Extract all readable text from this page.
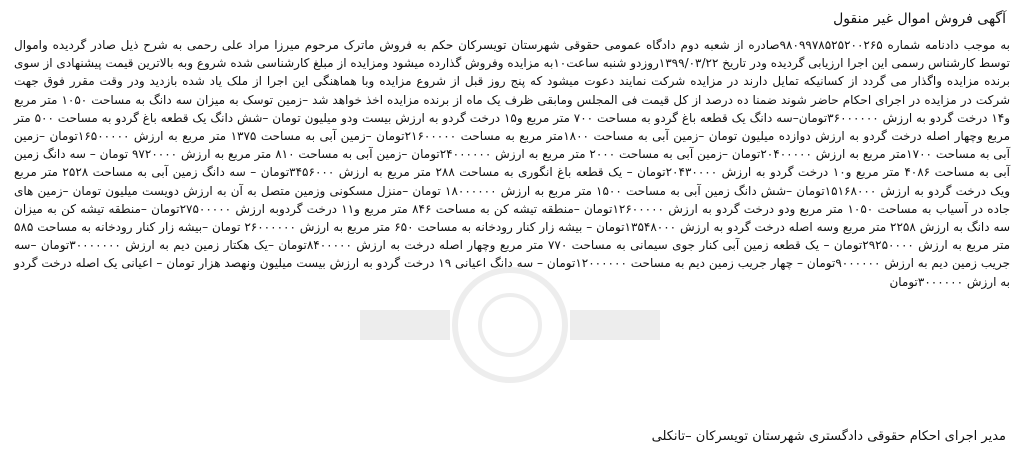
آگهی فروش اموال غیر منقول

به موجب دادنامه شماره ۹۸۰۹۹۷۸۵۲۵۲۰۰۲۶۵صادره از شعبه دوم دادگاه عمومی حقوقی شهرستان تویسرکان حکم به فروش ماترک مرحوم میرزا مراد علی رحمی به شرح ذیل صادر گردیده واموال توسط کارشناس رسمی این اجرا ارزیابی گردیده ودر تاریخ ۱۳۹۹/۰۳/۲۲روزدو شنبه ساعت۱۰به مزایده وفروش گذارده میشود ومزایده از مبلغ کارشناسی شده شروع وبه بالاترین قیمت پیشنهادی از سوی برنده مزایده واگذار می گردد از کسانیکه تمایل دارند در مزایده شرکت نمایند دعوت میشود که پنج روز قبل از شروع مزایده وبا هماهنگی این اجرا از ملک یاد شده بازدید ودر وقت مقرر فوق جهت شرکت در مزایده در اجرای احکام حاضر شوند ضمنا ده درصد از کل قیمت فی المجلس ومابقی ظرف یک ماه از برنده مزایده اخذ خواهد شد –زمین توسک به میزان سه دانگ به مساحت ۱۰۵۰ متر مربع و۱۴ درخت گردو به ارزش ۳۶۰۰۰۰۰۰تومان–سه دانگ یک قطعه باغ گردو به مساحت ۷۰۰ متر مربع و۱۵ درخت گردو به ارزش بیست ودو میلیون تومان –شش دانگ یک قطعه باغ گردو به مساحت ۵۰۰ متر مربع وچهار اصله درخت گردو به ارزش دوازده میلیون تومان –زمین آبی به مساحت ۱۸۰۰متر مربع به مساحت ۲۱۶۰۰۰۰۰تومان –زمین آبی به مساحت ۱۳۷۵ متر مربع به ارزش ۱۶۵۰۰۰۰۰تومان –زمین آبی به مساحت ۱۷۰۰متر مربع به ارزش ۲۰۴۰۰۰۰۰تومان –زمین آبی به مساحت ۲۰۰۰ متر مربع به ارزش ۲۴۰۰۰۰۰۰تومان –زمین آبی به مساحت ۸۱۰ متر مربع به ارزش ۹۷۲۰۰۰۰ تومان – سه دانگ زمین آبی به مساحت ۴۰۸۶ متر مربع و۱۰ درخت گردو به ارزش ۲۰۴۳۰۰۰۰تومان – یک قطعه باغ انگوری به مساحت ۲۸۸ متر مربع به ارزش ۳۴۵۶۰۰۰تومان – سه دانگ زمین آبی به مساحت ۲۵۲۸ متر مربع ویک درخت گردو به ارزش ۱۵۱۶۸۰۰۰تومان –شش دانگ زمین آبی به مساحت ۱۵۰۰ متر مربع به ارزش ۱۸۰۰۰۰۰۰ تومان –منزل مسکونی وزمین متصل به آن به ارزش دویست میلیون تومان –زمین های جاده در آسیاب به مساحت ۱۰۵۰ متر مربع ودو درخت گردو به ارزش ۱۲۶۰۰۰۰۰تومان –منطقه تیشه کن به مساحت ۸۴۶ متر مربع و۱۱ درخت گردوبه ارزش ۲۷۵۰۰۰۰۰تومان –منطقه تیشه کن به میزان سه دانگ به ارزش ۲۲۵۸ متر مربع وسه اصله درخت گردو به ارزش ۱۳۵۴۸۰۰۰تومان – بیشه زار کنار رودخانه به مساحت ۶۵۰ متر مربع به ارزش ۲۶۰۰۰۰۰۰ تومان –بیشه زار کنار رودخانه به مساحت ۵۸۵ متر مربع به ارزش ۲۹۲۵۰۰۰۰تومان – یک قطعه زمین آبی کنار جوی سیمانی به مساحت ۷۷۰ متر مربع وچهار اصله درخت به ارزش ۸۴۰۰۰۰۰تومان –یک هکتار زمین دیم به ارزش ۳۰۰۰۰۰۰۰تومان –سه جریب زمین دیم به ارزش ۹۰۰۰۰۰۰تومان – چهار جریب زمین دیم به مساحت ۱۲۰۰۰۰۰۰تومان – سه دانگ اعیانی ۱۹ درخت گردو به ارزش بیست میلیون ونهصد هزار تومان – اعیانی یک اصله درخت گردو به ارزش ۳۰۰۰۰۰۰تومان

مدیر اجرای احکام حقوقی دادگستری شهرستان تویسرکان –تانکلی
